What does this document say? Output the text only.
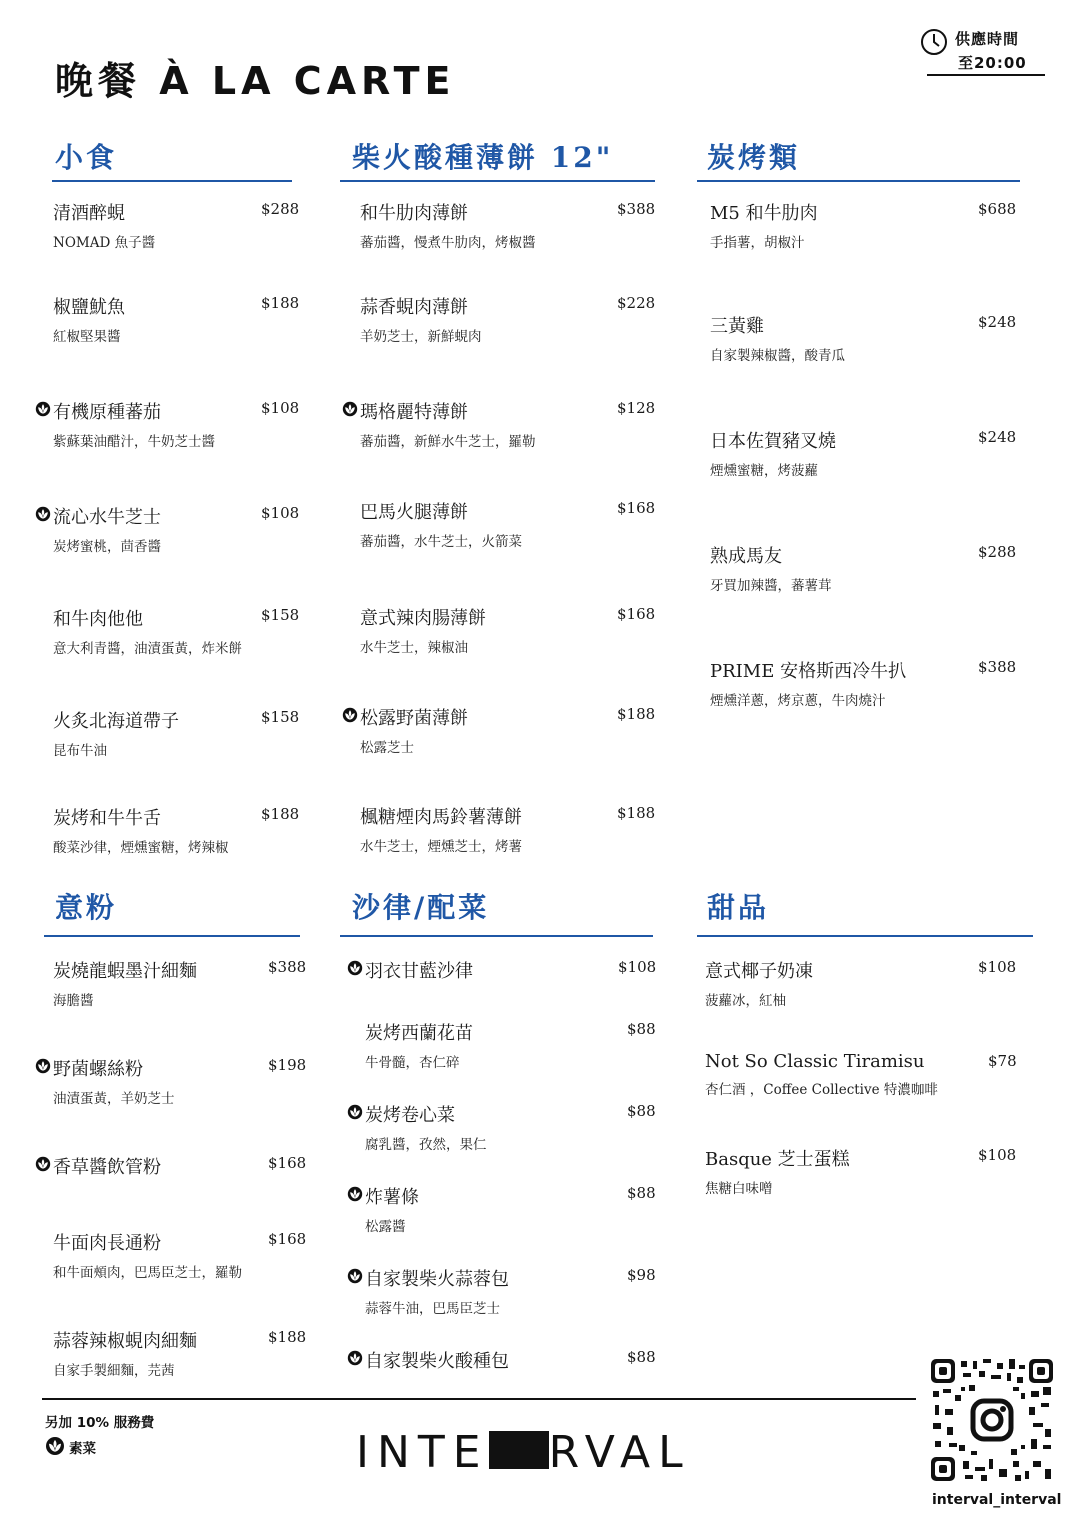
晚餐 À LA CARTE
供應時間
至20:00
小食	柴火酸種薄餅 12"	炭烤類
意粉	沙律/配菜	甜品
清酒醉蜆
NOMAD 魚子醬
$288
椒鹽魷魚
紅椒堅果醬
$188
有機原種蕃茄
紫蘇葉油醋汁，牛奶芝士醬
$108
流心水牛芝士
炭烤蜜桃，茴香醬
$108
和牛肉他他
意大利青醬，油漬蛋黃，炸米餅
$158
火炙北海道帶子
昆布牛油
$158
炭烤和牛牛舌
酸菜沙律，煙燻蜜糖，烤辣椒
$188
和牛肋肉薄餅
蕃茄醬，慢煮牛肋肉，烤椒醬
$388
蒜香蜆肉薄餅
羊奶芝士，新鮮蜆肉
$228
瑪格麗特薄餅
蕃茄醬，新鮮水牛芝士，羅勒
$128
巴馬火腿薄餅
蕃茄醬，水牛芝士，火箭菜
$168
意式辣肉腸薄餅
水牛芝士，辣椒油
$168
松露野菌薄餅
松露芝士
$188
楓糖煙肉馬鈴薯薄餅
水牛芝士，煙燻芝士，烤薯
$188
M5 和牛肋肉
手指薯，胡椒汁
$688
三黃雞
自家製辣椒醬，酸青瓜
$248
日本佐賀豬叉燒
煙燻蜜糖，烤菠蘿
$248
熟成馬友
牙買加辣醬，蕃薯茸
$288
PRIME 安格斯西冷牛扒
煙燻洋蔥，烤京蔥，牛肉燒汁
$388
炭燒龍蝦墨汁細麵
海膽醬
$388
野菌螺絲粉
油漬蛋黃，羊奶芝士
$198
香草醬飲管粉	$168
牛面肉長通粉
和牛面頰肉，巴馬臣芝士，羅勒
$168
蒜蓉辣椒蜆肉細麵
自家手製細麵，芫茜
$188
羽衣甘藍沙律	$108
炭烤西蘭花苗
牛骨髓，杏仁碎
$88
炭烤卷心菜
腐乳醬，孜然，果仁
$88
炸薯條
松露醬
$88
自家製柴火蒜蓉包
蒜蓉牛油，巴馬臣芝士
$98
自家製柴火酸種包	$88
意式椰子奶凍
菠蘿冰，紅柚
$108
Not So Classic Tiramisu
杏仁酒 ，Coffee Collective 特濃咖啡
$78
Basque 芝士蛋糕
焦糖白味噌
$108
另加 10% 服務費
素菜	INTE RVAL
interval_interval
